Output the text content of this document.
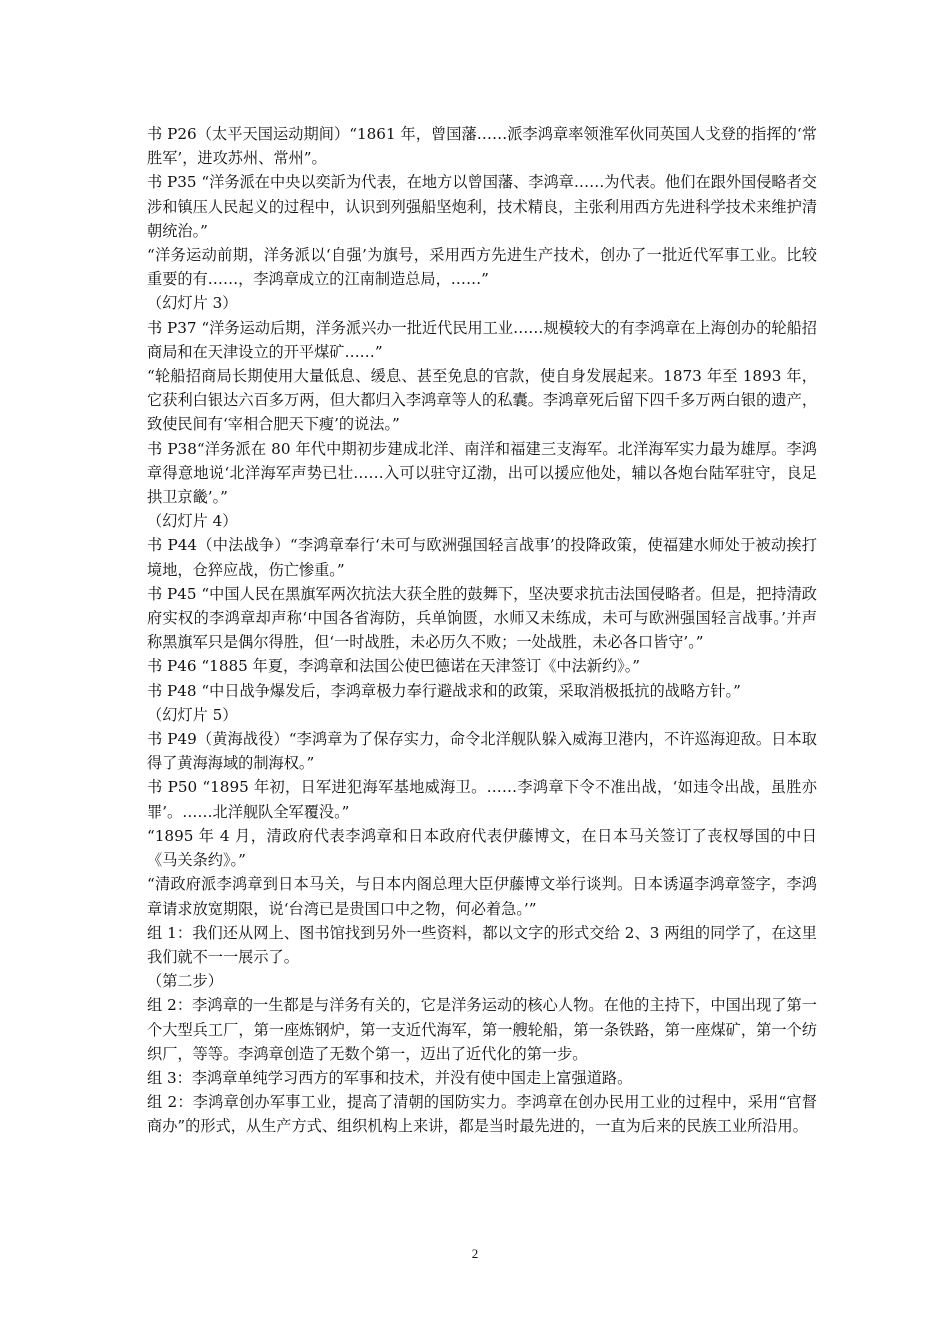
书 P26（太平天国运动期间）“1861 年，曾国藩……派李鸿章率领淮军伙同英国人戈登的指挥的‘常胜军’，进攻苏州、常州”。

书 P35 “洋务派在中央以奕訢为代表，在地方以曾国藩、李鸿章……为代表。他们在跟外国侵略者交涉和镇压人民起义的过程中，认识到列强船坚炮利，技术精良，主张利用西方先进科学技术来维护清朝统治。”

“洋务运动前期，洋务派以‘自强’为旗号，采用西方先进生产技术，创办了一批近代军事工业。比较重要的有……，李鸿章成立的江南制造总局，……”

（幻灯片 3）

书 P37 “洋务运动后期，洋务派兴办一批近代民用工业……规模较大的有李鸿章在上海创办的轮船招商局和在天津设立的开平煤矿……”

“轮船招商局长期使用大量低息、缓息、甚至免息的官款，使自身发展起来。1873 年至 1893 年，它获利白银达六百多万两，但大都归入李鸿章等人的私囊。李鸿章死后留下四千多万两白银的遗产，致使民间有‘宰相合肥天下瘦’的说法。”

书 P38“洋务派在 80 年代中期初步建成北洋、南洋和福建三支海军。北洋海军实力最为雄厚。李鸿章得意地说‘北洋海军声势已壮……入可以驻守辽渤，出可以援应他处，辅以各炮台陆军驻守，良足拱卫京畿’。”

（幻灯片 4）

书 P44（中法战争）“李鸿章奉行‘未可与欧洲强国轻言战事’的投降政策，使福建水师处于被动挨打境地，仓猝应战，伤亡惨重。”

书 P45 “中国人民在黑旗军两次抗法大获全胜的鼓舞下，坚决要求抗击法国侵略者。但是，把持清政府实权的李鸿章却声称‘中国各省海防，兵单饷匮，水师又未练成，未可与欧洲强国轻言战事。’并声称黑旗军只是偶尔得胜，但‘一时战胜，未必历久不败；一处战胜，未必各口皆守’。”

书 P46 “1885 年夏，李鸿章和法国公使巴德诺在天津签订《中法新约》。”

书 P48 “中日战争爆发后，李鸿章极力奉行避战求和的政策，采取消极抵抗的战略方针。”

（幻灯片 5）

书 P49（黄海战役）“李鸿章为了保存实力，命令北洋舰队躲入威海卫港内，不许巡海迎敌。日本取得了黄海海域的制海权。”

书 P50 “1895 年初，日军进犯海军基地威海卫。……李鸿章下令不准出战，‘如违令出战，虽胜亦罪’。……北洋舰队全军覆没。”

“1895 年 4 月，清政府代表李鸿章和日本政府代表伊藤博文，在日本马关签订了丧权辱国的中日《马关条约》。”

“清政府派李鸿章到日本马关，与日本内阁总理大臣伊藤博文举行谈判。日本诱逼李鸿章签字，李鸿章请求放宽期限，说‘台湾已是贵国口中之物，何必着急。’”

组 1：我们还从网上、图书馆找到另外一些资料，都以文字的形式交给 2、3 两组的同学了，在这里我们就不一一展示了。

（第二步）

组 2：李鸿章的一生都是与洋务有关的，它是洋务运动的核心人物。在他的主持下，中国出现了第一个大型兵工厂，第一座炼钢炉，第一支近代海军，第一艘轮船，第一条铁路，第一座煤矿，第一个纺织厂，等等。李鸿章创造了无数个第一，迈出了近代化的第一步。

组 3：李鸿章单纯学习西方的军事和技术，并没有使中国走上富强道路。

组 2：李鸿章创办军事工业，提高了清朝的国防实力。李鸿章在创办民用工业的过程中，采用“官督商办”的形式，从生产方式、组织机构上来讲，都是当时最先进的，一直为后来的民族工业所沿用。

2
